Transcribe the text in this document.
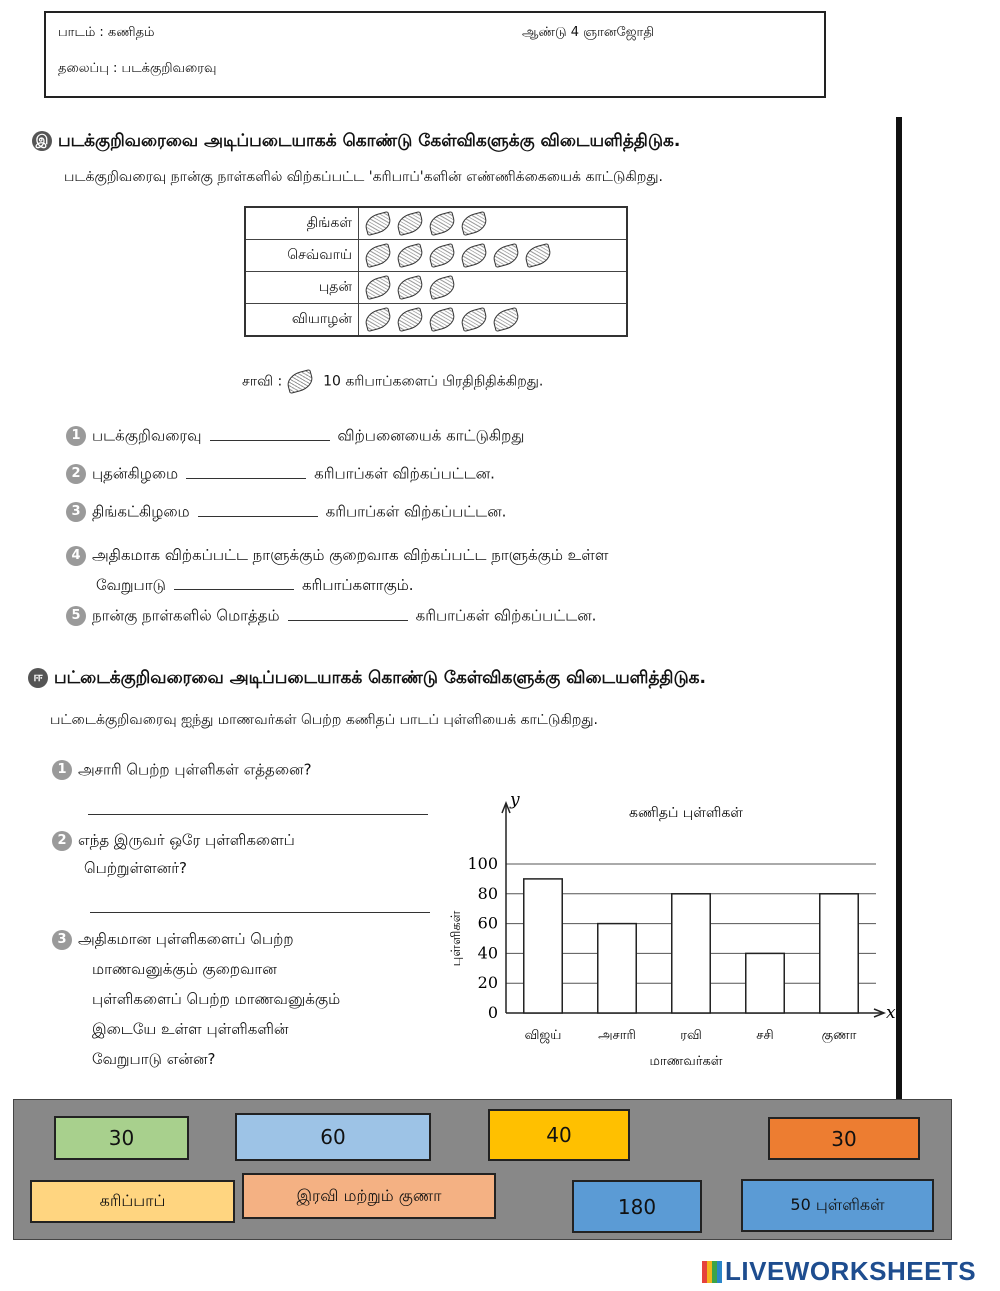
பாடம் : கணிதம்	ஆண்டு 4 ஞானஜோதி
தலைப்பு : படக்குறிவரைவு
இ படக்குறிவரைவை அடிப்படையாகக் கொண்டு கேள்விகளுக்கு விடையளித்திடுக.
படக்குறிவரைவு நான்கு நாள்களில் விற்கப்பட்ட 'கரிபாப்'களின் எண்ணிக்கையைக் காட்டுகிறது.
திங்கள்	
செவ்வாய்	
புதன்	
வியாழன்	
சாவி :	10 கரிபாப்களைப் பிரதிநிதிக்கிறது.
1 படக்குறிவரைவு	விற்பனையைக் காட்டுகிறது
2 புதன்கிழமை	கரிபாப்கள் விற்கப்பட்டன.
3 திங்கட்கிழமை	கரிபாப்கள் விற்கப்பட்டன.
4 அதிகமாக விற்கப்பட்ட நாளுக்கும் குறைவாக விற்கப்பட்ட நாளுக்கும் உள்ள
வேறுபாடு	கரிபாப்களாகும்.
5 நான்கு நாள்களில் மொத்தம்	கரிபாப்கள் விற்கப்பட்டன.
ஈ பட்டைக்குறிவரைவை அடிப்படையாகக் கொண்டு கேள்விகளுக்கு விடையளித்திடுக.
பட்டைக்குறிவரைவு ஐந்து மாணவர்கள் பெற்ற கணிதப் பாடப் புள்ளியைக் காட்டுகிறது.
1 அசாரி பெற்ற புள்ளிகள் எத்தனை?
2 எந்த இருவர் ஒரே புள்ளிகளைப்
பெற்றுள்ளனர்?
3 அதிகமான புள்ளிகளைப் பெற்ற
மாணவனுக்கும் குறைவான
புள்ளிகளைப் பெற்ற மாணவனுக்கும்
இடையே உள்ள புள்ளிகளின்
வேறுபாடு என்ன?
0
20
40
60
80
100
y
x
கணிதப் புள்ளிகள்
விஜய்	அசாரி	ரவி	சசி	குணா
மாணவர்கள்
புள்ளிகள்
30	60	40	30
கரிப்பாப்	இரவி மற்றும் குணா	180	50 புள்ளிகள்
LIVEWORKSHEETS
